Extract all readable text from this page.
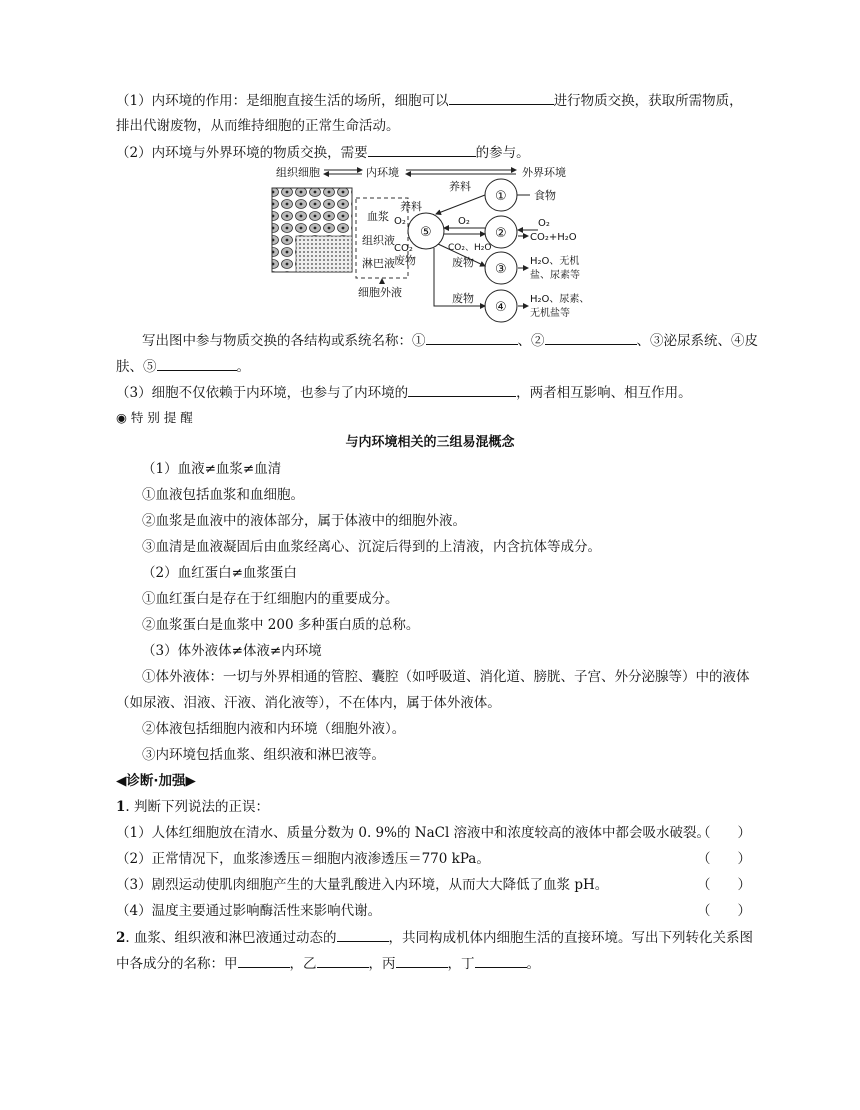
（1）内环境的作用：是细胞直接生活的场所，细胞可以	进行物质交换，获取所需物质，
排出代谢废物，从而维持细胞的正常生命活动。
（2）内环境与外界环境的物质交换，需要	的参与。
组织细胞	内环境	外界环境
血浆
组织液
淋巴液
细胞外液
⑤
养料
O₂
CO₂
废物
①
②
③
④
养料
O₂
CO₂、H₂O
废物
废物
食物
O₂
CO₂+H₂O
H₂O、无机
盐、尿素等
H₂O、尿素、
无机盐等
写出图中参与物质交换的各结构或系统名称：①	、②	、③泌尿系统、④皮
肤、⑤	。
（3）细胞不仅依赖于内环境，也参与了内环境的	，两者相互影响、相互作用。
◉ 特 别 提 醒
与内环境相关的三组易混概念
（1）血液≠血浆≠血清
①血液包括血浆和血细胞。
②血浆是血液中的液体部分，属于体液中的细胞外液。
③血清是血液凝固后由血浆经离心、沉淀后得到的上清液，内含抗体等成分。
（2）血红蛋白≠血浆蛋白
①血红蛋白是存在于红细胞内的重要成分。
②血浆蛋白是血浆中 200 多种蛋白质的总称。
（3）体外液体≠体液≠内环境
①体外液体：一切与外界相通的管腔、囊腔（如呼吸道、消化道、膀胱、子宫、外分泌腺等）中的液体
（如尿液、泪液、汗液、消化液等），不在体内，属于体外液体。
②体液包括细胞内液和内环境（细胞外液）。
③内环境包括血浆、组织液和淋巴液等。
◀诊断·加强▶
1. 判断下列说法的正误：
（1）人体红细胞放在清水、质量分数为 0. 9%的 NaCl 溶液中和浓度较高的液体中都会吸水破裂。
（　　）
（2）正常情况下，血浆渗透压＝细胞内液渗透压＝770 kPa。	（　　）
（3）剧烈运动使肌肉细胞产生的大量乳酸进入内环境，从而大大降低了血浆 pH。	（　　）
（4）温度主要通过影响酶活性来影响代谢。	（　　）
2. 血浆、组织液和淋巴液通过动态的	，共同构成机体内细胞生活的直接环境。写出下列转化关系图
中各成分的名称：甲	，乙	，丙	，丁	。
